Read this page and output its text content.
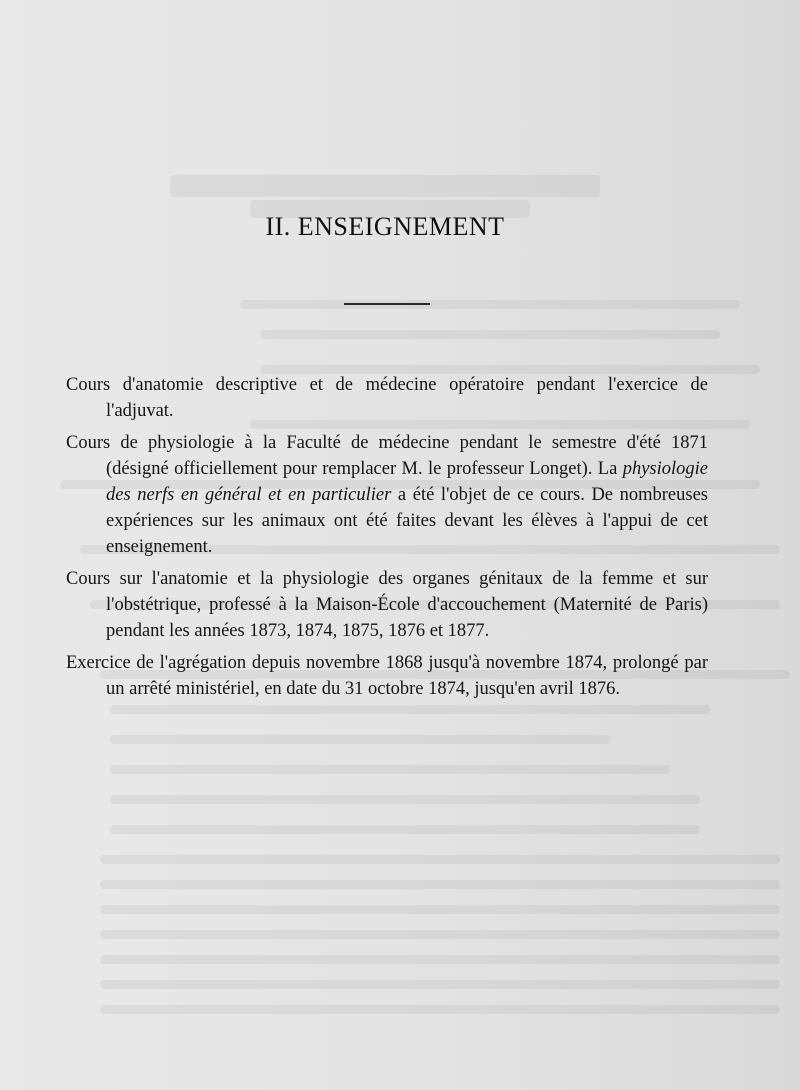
II. ENSEIGNEMENT
Cours d'anatomie descriptive et de médecine opératoire pendant l'exercice de l'adjuvat.
Cours de physiologie à la Faculté de médecine pendant le semestre d'été 1871 (désigné officiellement pour remplacer M. le professeur Longet). La physiologie des nerfs en général et en particulier a été l'objet de ce cours. De nombreuses expériences sur les animaux ont été faites devant les élèves à l'appui de cet enseignement.
Cours sur l'anatomie et la physiologie des organes génitaux de la femme et sur l'obstétrique, professé à la Maison-École d'accouchement (Maternité de Paris) pendant les années 1873, 1874, 1875, 1876 et 1877.
Exercice de l'agrégation depuis novembre 1868 jusqu'à novembre 1874, prolongé par un arrêté ministériel, en date du 31 octobre 1874, jusqu'en avril 1876.
